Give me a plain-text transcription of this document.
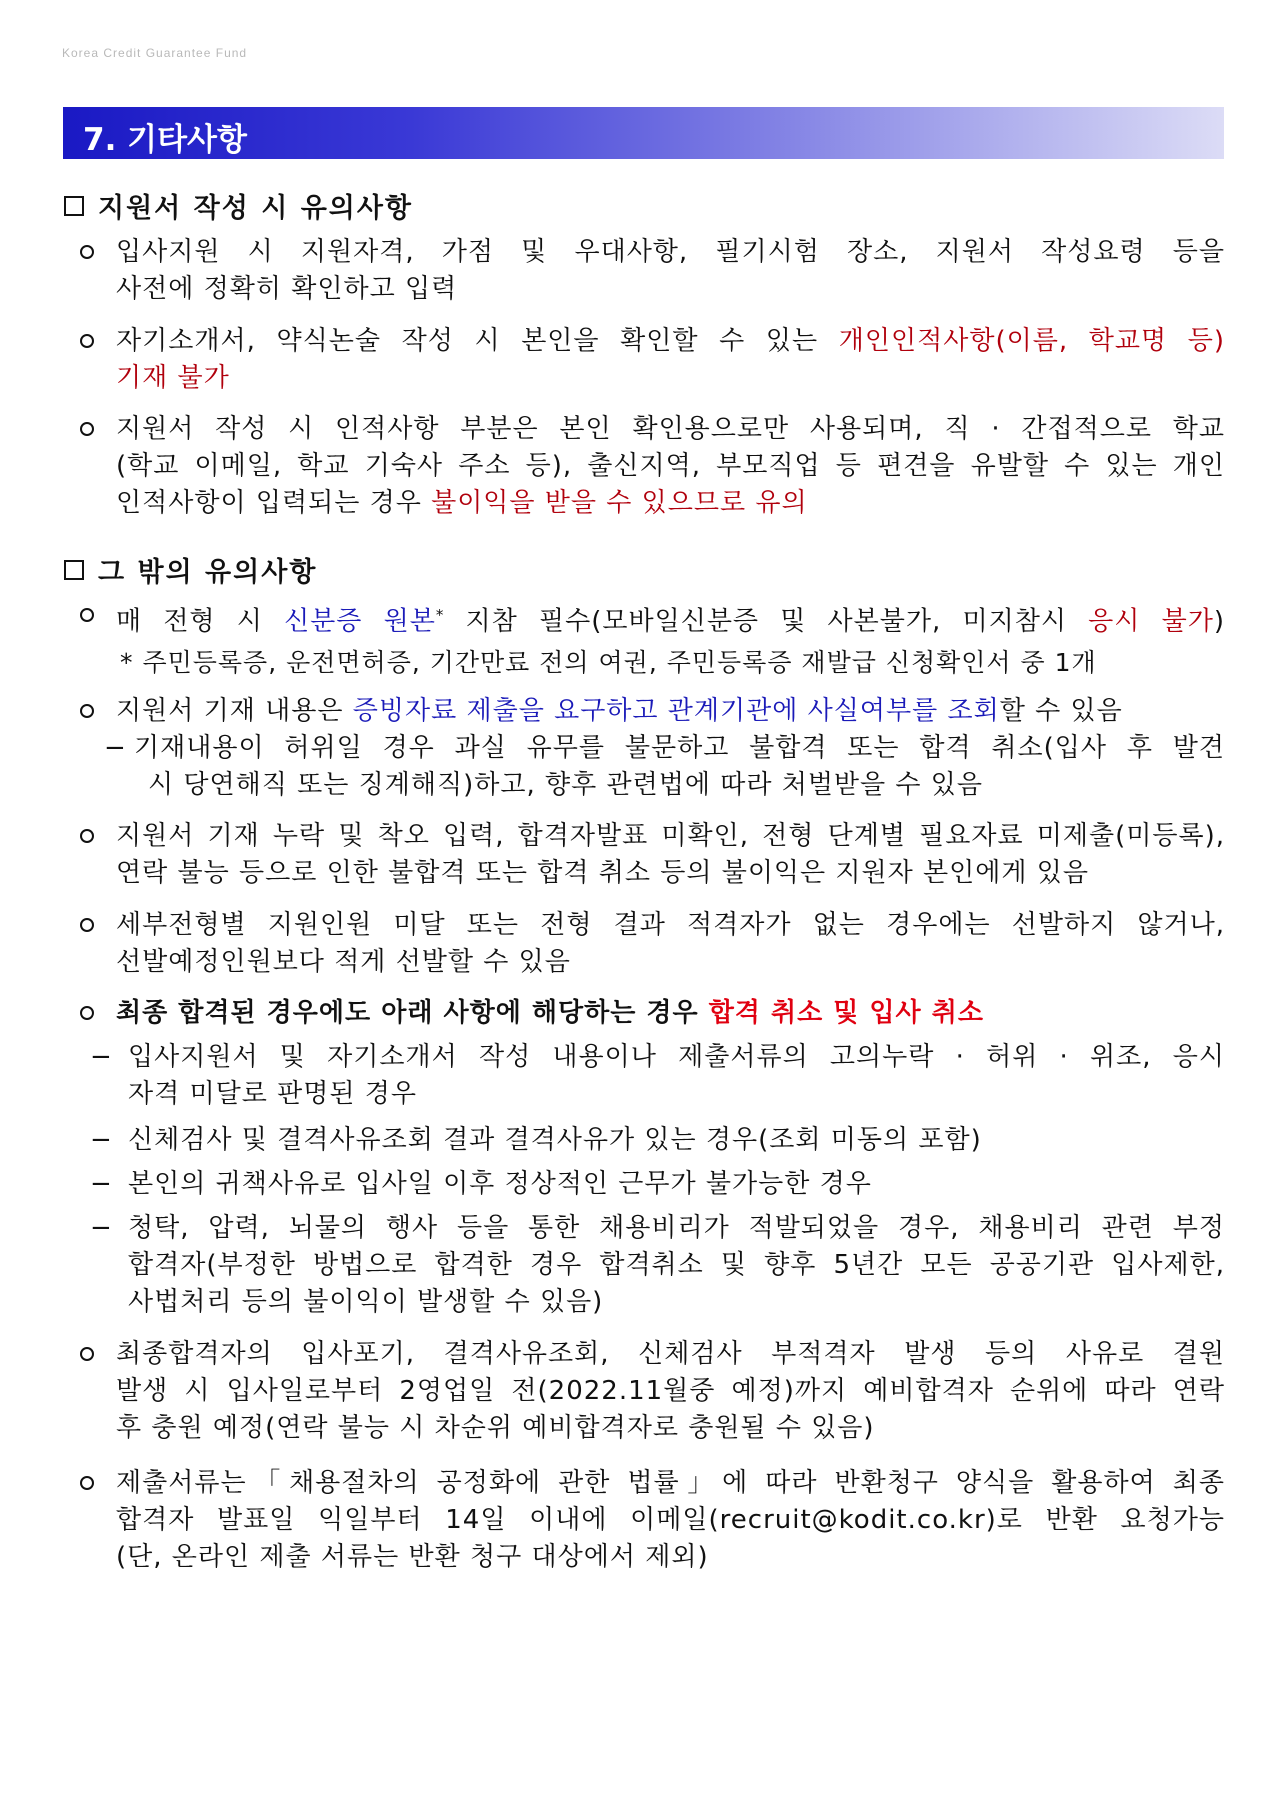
Korea Credit Guarantee Fund
7. 기타사항
지원서 작성 시 유의사항
입사지원 시 지원자격, 가점 및 우대사항, 필기시험 장소, 지원서 작성요령 등을
사전에 정확히 확인하고 입력
자기소개서, 약식논술 작성 시 본인을 확인할 수 있는 개인인적사항(이름, 학교명 등)
기재 불가
지원서 작성 시 인적사항 부분은 본인 확인용으로만 사용되며, 직 · 간접적으로 학교
(학교 이메일, 학교 기숙사 주소 등), 출신지역, 부모직업 등 편견을 유발할 수 있는 개인
인적사항이 입력되는 경우 불이익을 받을 수 있으므로 유의
그 밖의 유의사항
매 전형 시 신분증 원본* 지참 필수(모바일신분증 및 사본불가, 미지참시 응시 불가)
* 주민등록증, 운전면허증, 기간만료 전의 여권, 주민등록증 재발급 신청확인서 중 1개
지원서 기재 내용은 증빙자료 제출을 요구하고 관계기관에 사실여부를 조회할 수 있음
− 기재내용이 허위일 경우 과실 유무를 불문하고 불합격 또는 합격 취소(입사 후 발견
시 당연해직 또는 징계해직)하고, 향후 관련법에 따라 처벌받을 수 있음
지원서 기재 누락 및 착오 입력, 합격자발표 미확인, 전형 단계별 필요자료 미제출(미등록),
연락 불능 등으로 인한 불합격 또는 합격 취소 등의 불이익은 지원자 본인에게 있음
세부전형별 지원인원 미달 또는 전형 결과 적격자가 없는 경우에는 선발하지 않거나,
선발예정인원보다 적게 선발할 수 있음
최종 합격된 경우에도 아래 사항에 해당하는 경우 합격 취소 및 입사 취소
− 입사지원서 및 자기소개서 작성 내용이나 제출서류의 고의누락 · 허위 · 위조, 응시
자격 미달로 판명된 경우
− 신체검사 및 결격사유조회 결과 결격사유가 있는 경우(조회 미동의 포함)
− 본인의 귀책사유로 입사일 이후 정상적인 근무가 불가능한 경우
− 청탁, 압력, 뇌물의 행사 등을 통한 채용비리가 적발되었을 경우, 채용비리 관련 부정
합격자(부정한 방법으로 합격한 경우 합격취소 및 향후 5년간 모든 공공기관 입사제한,
사법처리 등의 불이익이 발생할 수 있음)
최종합격자의 입사포기, 결격사유조회, 신체검사 부적격자 발생 등의 사유로 결원
발생 시 입사일로부터 2영업일 전(2022.11월중 예정)까지 예비합격자 순위에 따라 연락
후 충원 예정(연락 불능 시 차순위 예비합격자로 충원될 수 있음)
제출서류는「채용절차의 공정화에 관한 법률」에 따라 반환청구 양식을 활용하여 최종
합격자 발표일 익일부터 14일 이내에 이메일(recruit@kodit.co.kr)로 반환 요청가능
(단, 온라인 제출 서류는 반환 청구 대상에서 제외)
